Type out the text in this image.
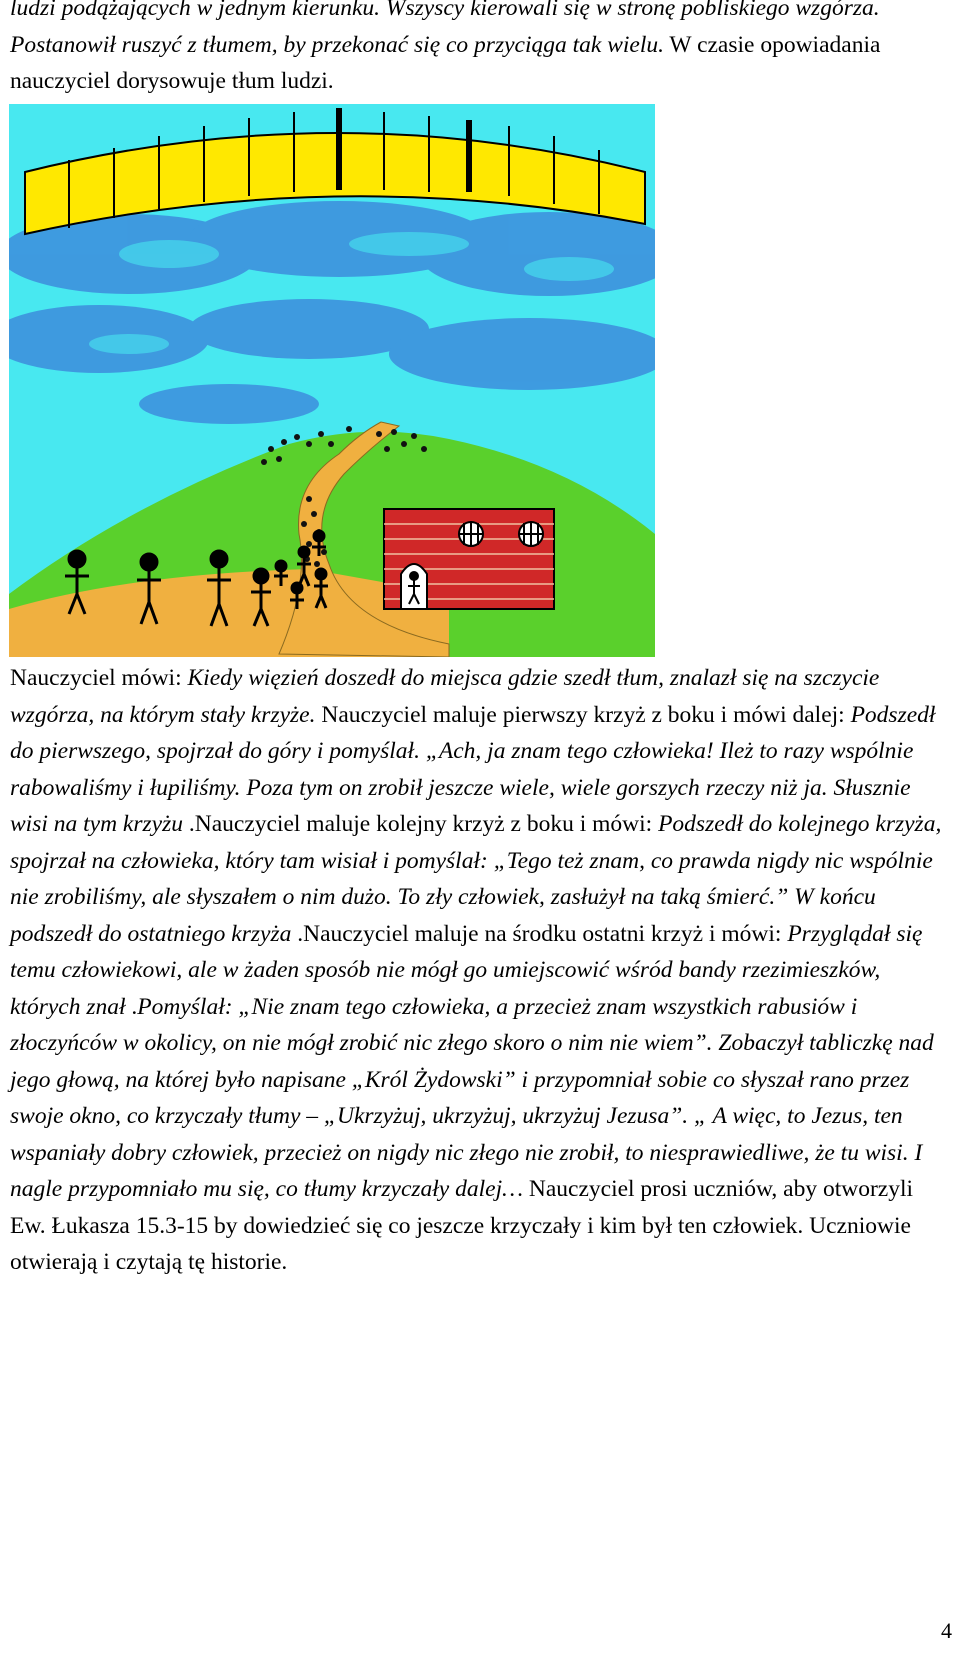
ludzi podążających w jednym kierunku. Wszyscy kierowali się w stronę pobliskiego wzgórza. Postanowił ruszyć z tłumem, by przekonać się co przyciąga tak wielu. W czasie opowiadania nauczyciel dorysowuje tłum ludzi.

Nauczyciel mówi: Kiedy więzień doszedł do miejsca gdzie szedł tłum, znalazł się na szczycie wzgórza, na którym stały krzyże. Nauczyciel maluje pierwszy krzyż z boku i mówi dalej: Podszedł do pierwszego, spojrzał do góry i pomyślał. „Ach, ja znam tego człowieka! Ileż to razy wspólnie rabowaliśmy i łupiliśmy. Poza tym on zrobił jeszcze wiele, wiele gorszych rzeczy niż ja. Słusznie wisi na tym krzyżu .Nauczyciel maluje kolejny krzyż z boku i mówi: Podszedł do kolejnego krzyża, spojrzał na człowieka, który tam wisiał i pomyślał: „Tego też znam, co prawda nigdy nic wspólnie nie zrobiliśmy, ale słyszałem o nim dużo. To zły człowiek, zasłużył na taką śmierć.” W końcu podszedł do ostatniego krzyża .Nauczyciel maluje na środku ostatni krzyż i mówi: Przyglądał się temu człowiekowi, ale w żaden sposób nie mógł go umiejscowić wśród bandy rzezimieszków, których znał .Pomyślał: „Nie znam tego człowieka, a przecież znam wszystkich rabusiów i złoczyńców w okolicy, on nie mógł zrobić nic złego skoro o nim nie wiem”. Zobaczył tabliczkę nad jego głową, na której było napisane „Król Żydowski” i przypomniał sobie co słyszał rano przez swoje okno, co krzyczały tłumy – „Ukrzyżuj, ukrzyżuj, ukrzyżuj Jezusa”. „ A więc, to Jezus, ten wspaniały dobry człowiek, przecież on nigdy nic złego nie zrobił, to niesprawiedliwe, że tu wisi. I nagle przypomniało mu się, co tłumy krzyczały dalej… Nauczyciel prosi uczniów, aby otworzyli Ew. Łukasza 15.3-15 by dowiedzieć się co jeszcze krzyczały i kim był ten człowiek. Uczniowie otwierają i czytają tę historie.

4
